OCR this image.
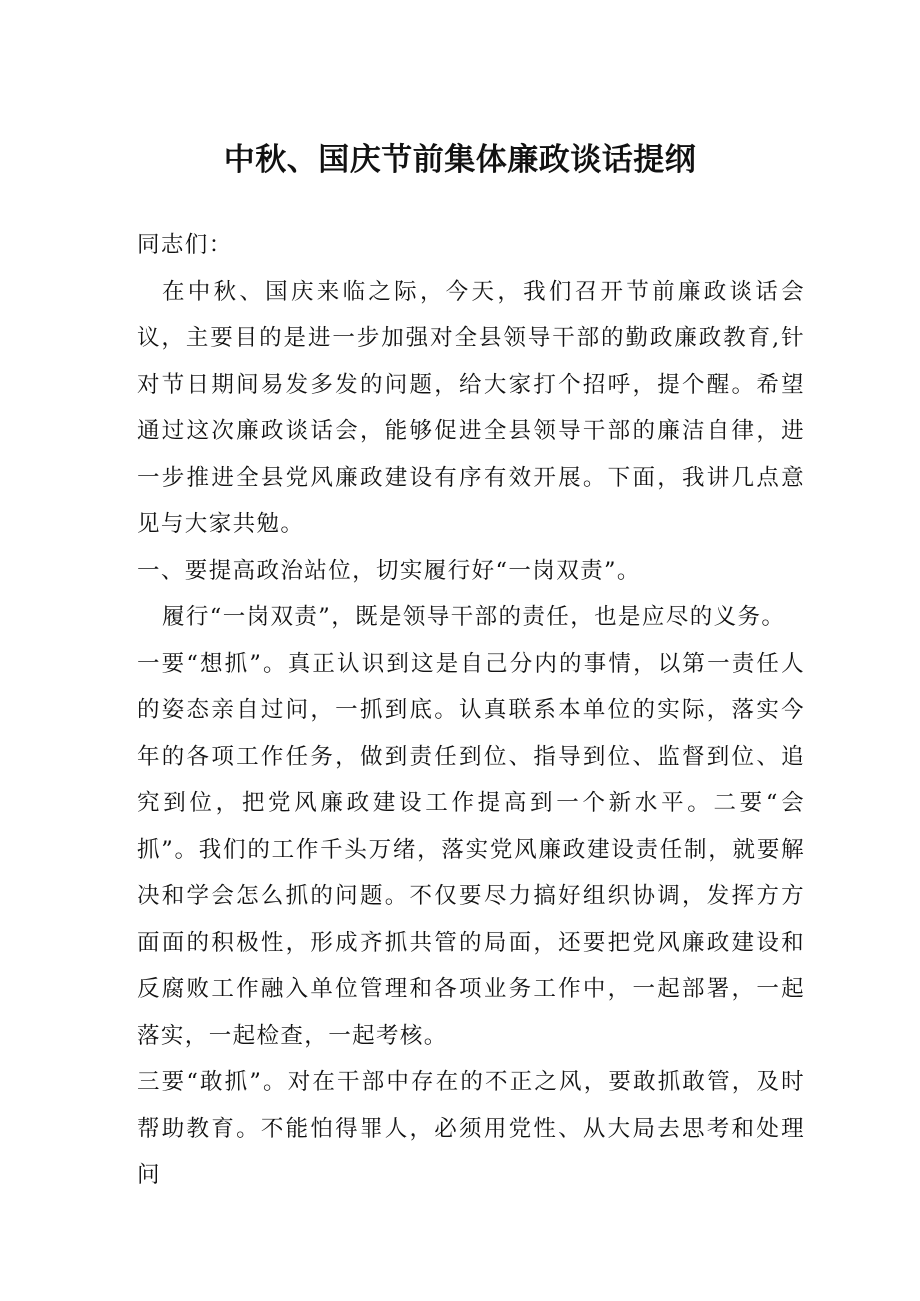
中秋、国庆节前集体廉政谈话提纲

同志们：

在中秋、国庆来临之际，今天，我们召开节前廉政谈话会议，主要目的是进一步加强对全县领导干部的勤政廉政教育,针对节日期间易发多发的问题，给大家打个招呼，提个醒。希望通过这次廉政谈话会，能够促进全县领导干部的廉洁自律，进一步推进全县党风廉政建设有序有效开展。下面，我讲几点意见与大家共勉。

一、要提高政治站位，切实履行好“一岗双责”。

履行“一岗双责”，既是领导干部的责任，也是应尽的义务。

一要“想抓”。真正认识到这是自己分内的事情，以第一责任人的姿态亲自过问，一抓到底。认真联系本单位的实际，落实今年的各项工作任务，做到责任到位、指导到位、监督到位、追究到位，把党风廉政建设工作提高到一个新水平。二要“会抓”。我们的工作千头万绪，落实党风廉政建设责任制，就要解决和学会怎么抓的问题。不仅要尽力搞好组织协调，发挥方方面面的积极性，形成齐抓共管的局面，还要把党风廉政建设和反腐败工作融入单位管理和各项业务工作中，一起部署，一起落实，一起检查，一起考核。

三要“敢抓”。对在干部中存在的不正之风，要敢抓敢管，及时帮助教育。不能怕得罪人，必须用党性、从大局去思考和处理问
